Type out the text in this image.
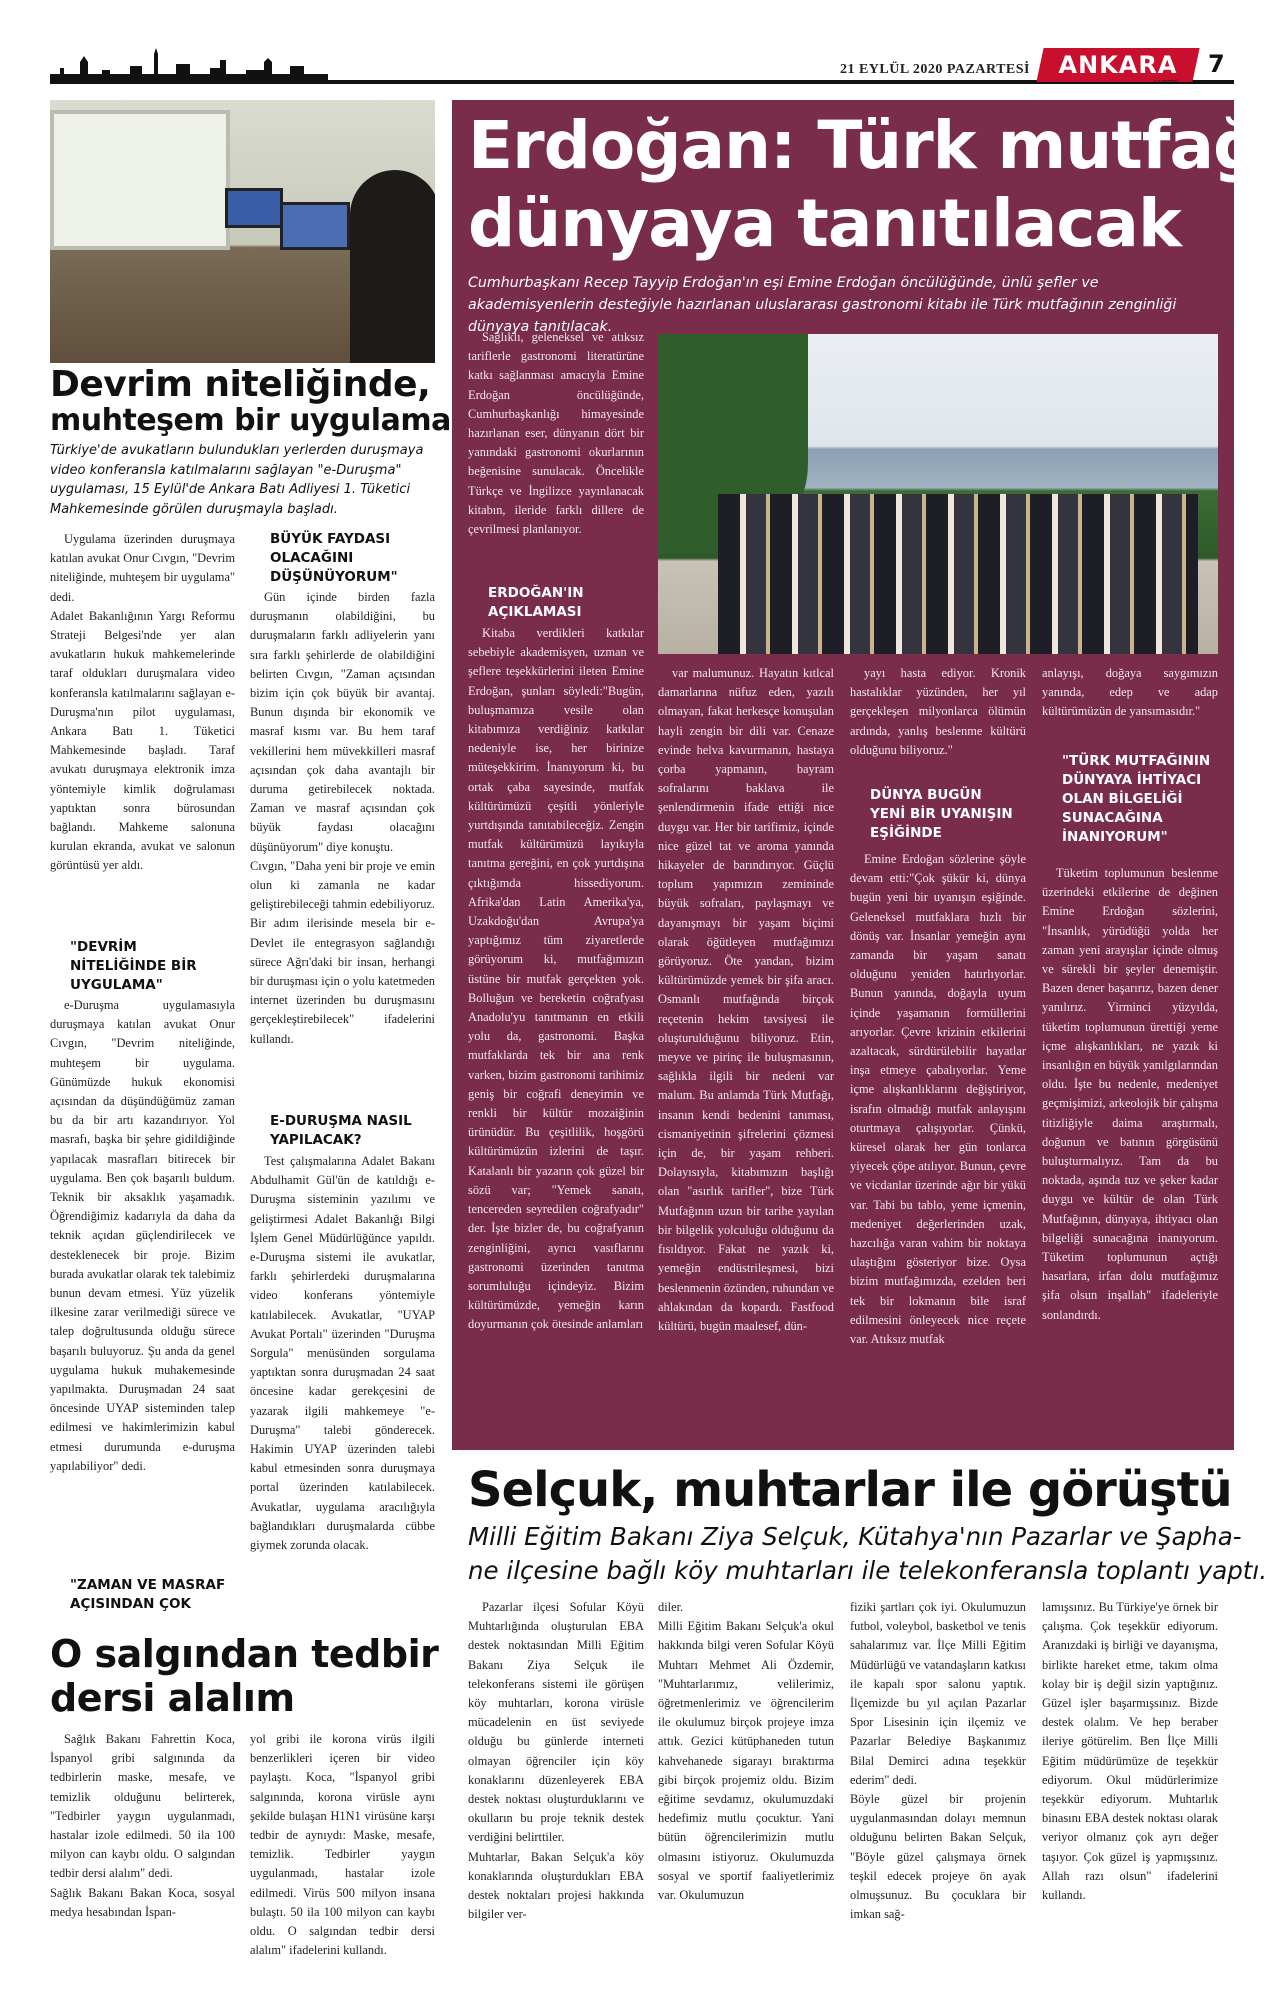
21 EYLÜL 2020 PAZARTESİ	ANKARA
GAZETESİ
7
Devrim niteliğinde,
muhteşem bir uygulama
Türkiye'de avukatların bulundukları yerlerden duruşmaya video konferansla katılmalarını sağlayan "e-Duruşma" uygulaması, 15 Eylül'de Ankara Batı Adliyesi 1. Tüketici Mahkemesinde görülen duruşmayla başladı.
Uygulama üzerinden duruşmaya katılan avukat Onur Cıvgın, "Devrim niteliğinde, muhteşem bir uygulama" dedi.
Adalet Bakanlığının Yargı Reformu Strateji Belgesi'nde yer alan avukatların hukuk mahkemelerinde taraf oldukları duruşmalara video konferansla katılmalarını sağlayan e-Duruşma'nın pilot uygulaması, Ankara Batı 1. Tüketici Mahkemesinde başladı. Taraf avukatı duruşmaya elektronik imza yöntemiyle kimlik doğrulaması yaptıktan sonra bürosundan bağlandı. Mahkeme salonuna kurulan ekranda, avukat ve salonun görüntüsü yer aldı.
"DEVRİM NİTELİĞİNDE BİR UYGULAMA"
e-Duruşma uygulamasıyla duruşmaya katılan avukat Onur Cıvgın, "Devrim niteliğinde, muhteşem bir uygulama. Günümüzde hukuk ekonomisi açısından da düşündüğümüz zaman bu da bir artı kazandırıyor. Yol masrafı, başka bir şehre gidildiğinde yapılacak masrafları bitirecek bir uygulama. Ben çok başarılı buldum. Teknik bir aksaklık yaşamadık. Öğrendiğimiz kadarıyla da daha da teknik açıdan güçlendirilecek ve desteklenecek bir proje. Bizim burada avukatlar olarak tek talebimiz bunun devam etmesi. Yüz yüzelik ilkesine zarar verilmediği sürece ve talep doğrultusunda olduğu sürece başarılı buluyoruz. Şu anda da genel uygulama hukuk muhakemesinde yapılmakta. Duruşmadan 24 saat öncesinde UYAP sisteminden talep edilmesi ve hakimlerimizin kabul etmesi durumunda e-duruşma yapılabiliyor" dedi.
"ZAMAN VE MASRAF AÇISINDAN ÇOK
BÜYÜK FAYDASI OLACAĞINI DÜŞÜNÜYORUM"
Gün içinde birden fazla duruşmanın olabildiğini, bu duruşmaların farklı adliyelerin yanı sıra farklı şehirlerde de olabildiğini belirten Cıvgın, "Zaman açısından bizim için çok büyük bir avantaj. Bunun dışında bir ekonomik ve masraf kısmı var. Bu hem taraf vekillerini hem müvekkilleri masraf açısından çok daha avantajlı bir duruma getirebilecek noktada. Zaman ve masraf açısından çok büyük faydası olacağını düşünüyorum" diye konuştu.
Cıvgın, "Daha yeni bir proje ve emin olun ki zamanla ne kadar geliştirebileceği tahmin edebiliyoruz. Bir adım ilerisinde mesela bir e-Devlet ile entegrasyon sağlandığı sürece Ağrı'daki bir insan, herhangi bir duruşması için o yolu katetmeden internet üzerinden bu duruşmasını gerçekleştirebilecek" ifadelerini kullandı.
E-DURUŞMA NASIL YAPILACAK?
Test çalışmalarına Adalet Bakanı Abdulhamit Gül'ün de katıldığı e-Duruşma sisteminin yazılımı ve geliştirmesi Adalet Bakanlığı Bilgi İşlem Genel Müdürlüğünce yapıldı. e-Duruşma sistemi ile avukatlar, farklı şehirlerdeki duruşmalarına video konferans yöntemiyle katılabilecek. Avukatlar, "UYAP Avukat Portalı" üzerinden "Duruşma Sorgula" menüsünden sorgulama yaptıktan sonra duruşmadan 24 saat öncesine kadar gerekçesini de yazarak ilgili mahkemeye "e-Duruşma" talebi gönderecek. Hakimin UYAP üzerinden talebi kabul etmesinden sonra duruşmaya portal üzerinden katılabilecek. Avukatlar, uygulama aracılığıyla bağlandıkları duruşmalarda cübbe giymek zorunda olacak.
O salgından tedbir
dersi alalım
Sağlık Bakanı Fahrettin Koca, İspanyol gribi salgınında da tedbirlerin maske, mesafe, ve temizlik olduğunu belirterek, "Tedbirler yaygın uygulanmadı, hastalar izole edilmedi. 50 ila 100 milyon can kaybı oldu. O salgından tedbir dersi alalım" dedi.
Sağlık Bakanı Bakan Koca, sosyal medya hesabından İspan-
yol gribi ile korona virüs ilgili benzerlikleri içeren bir video paylaştı. Koca, "İspanyol gribi salgınında, korona virüsle aynı şekilde bulaşan H1N1 virüsüne karşı tedbir de aynıydı: Maske, mesafe, temizlik. Tedbirler yaygın uygulanmadı, hastalar izole edilmedi. Virüs 500 milyon insana bulaştı. 50 ila 100 milyon can kaybı oldu. O salgından tedbir dersi alalım" ifadelerini kullandı.
Erdoğan: Türk mutfağı
dünyaya tanıtılacak
Cumhurbaşkanı Recep Tayyip Erdoğan'ın eşi Emine Erdoğan öncülüğünde, ünlü şefler ve akademisyenlerin desteğiyle hazırlanan uluslararası gastronomi kitabı ile Türk mutfağının zenginliği dünyaya tanıtılacak.
Sağlıklı, geleneksel ve atıksız tariflerle gastronomi literatürüne katkı sağlanması amacıyla Emine Erdoğan öncülüğünde, Cumhurbaşkanlığı himayesinde hazırlanan eser, dünyanın dört bir yanındaki gastronomi okurlarının beğenisine sunulacak. Öncelikle Türkçe ve İngilizce yayınlanacak kitabın, ileride farklı dillere de çevrilmesi planlanıyor.
ERDOĞAN'IN AÇIKLAMASI
Kitaba verdikleri katkılar sebebiyle akademisyen, uzman ve şeflere teşekkürlerini ileten Emine Erdoğan, şunları söyledi:"Bugün, buluşmamıza vesile olan kitabımıza verdiğiniz katkılar nedeniyle ise, her birinize müteşekkirim. İnanıyorum ki, bu ortak çaba sayesinde, mutfak kültürümüzü çeşitli yönleriyle yurtdışında tanıtabileceğiz. Zengin mutfak kültürümüzü layıkıyla tanıtma gereğini, en çok yurtdışına çıktığımda hissediyorum. Afrika'dan Latin Amerika'ya, Uzakdoğu'dan Avrupa'ya yaptığımız tüm ziyaretlerde görüyorum ki, mutfağımızın üstüne bir mutfak gerçekten yok. Bolluğun ve bereketin coğrafyası Anadolu'yu tanıtmanın en etkili yolu da, gastronomi. Başka mutfaklarda tek bir ana renk varken, bizim gastronomi tarihimiz geniş bir coğrafi deneyimin ve renkli bir kültür mozaiğinin ürünüdür. Bu çeşitlilik, hoşgörü kültürümüzün izlerini de taşır. Katalanlı bir yazarın çok güzel bir sözü var; "Yemek sanatı, tencereden seyredilen coğrafyadır" der. İşte bizler de, bu coğrafyanın zenginliğini, ayrıcı vasıflarını gastronomi üzerinden tanıtma sorumluluğu içindeyiz. Bizim kültürümüzde, yemeğin karın doyurmanın çok ötesinde anlamları
var malumunuz. Hayatın kıtlcal damarlarına nüfuz eden, yazılı olmayan, fakat herkesçe konuşulan hayli zengin bir dili var. Cenaze evinde helva kavurmanın, hastaya çorba yapmanın, bayram sofralarını baklava ile şenlendirmenin ifade ettiği nice duygu var. Her bir tarifimiz, içinde nice güzel tat ve aroma yanında hikayeler de barındırıyor. Güçlü toplum yapımızın zemininde büyük sofraları, paylaşmayı ve dayanışmayı bir yaşam biçimi olarak öğütleyen mutfağımızı görüyoruz. Öte yandan, bizim kültürümüzde yemek bir şifa aracı. Osmanlı mutfağında birçok reçetenin hekim tavsiyesi ile oluşturulduğunu biliyoruz. Etin, meyve ve pirinç ile buluşmasının, sağlıkla ilgili bir nedeni var malum. Bu anlamda Türk Mutfağı, insanın kendi bedenini tanıması, cismaniyetinin şifrelerini çözmesi için de, bir yaşam rehberi. Dolayısıyla, kitabımızın başlığı olan "asırlık tarifler", bize Türk Mutfağının uzun bir tarihe yayılan bir bilgelik yolculuğu olduğunu da fısıldıyor. Fakat ne yazık ki, yemeğin endüstrileşmesi, bizi beslenmenin özünden, ruhundan ve ahlakından da kopardı. Fastfood kültürü, bugün maalesef, dün-
yayı hasta ediyor. Kronik hastalıklar yüzünden, her yıl gerçekleşen milyonlarca ölümün ardında, yanlış beslenme kültürü olduğunu biliyoruz."
DÜNYA BUGÜN YENİ BİR UYANIŞIN EŞİĞİNDE
Emine Erdoğan sözlerine şöyle devam etti:"Çok şükür ki, dünya bugün yeni bir uyanışın eşiğinde. Geleneksel mutfaklara hızlı bir dönüş var. İnsanlar yemeğin aynı zamanda bir yaşam sanatı olduğunu yeniden hatırlıyorlar. Bunun yanında, doğayla uyum içinde yaşamanın formüllerini arıyorlar. Çevre krizinin etkilerini azaltacak, sürdürülebilir hayatlar inşa etmeye çabalıyorlar. Yeme içme alışkanlıklarını değiştiriyor, israfın olmadığı mutfak anlayışını oturtmaya çalışıyorlar. Çünkü, küresel olarak her gün tonlarca yiyecek çöpe atılıyor. Bunun, çevre ve vicdanlar üzerinde ağır bir yükü var. Tabi bu tablo, yeme içmenin, medeniyet değerlerinden uzak, hazcılığa varan vahim bir noktaya ulaştığını gösteriyor bize. Oysa bizim mutfağımızda, ezelden beri tek bir lokmanın bile israf edilmesini önleyecek nice reçete var. Atıksız mutfak
anlayışı, doğaya saygımızın yanında, edep ve adap kültürümüzün de yansımasıdır."
"TÜRK MUTFAĞININ DÜNYAYA İHTİYACI OLAN BİLGELİĞİ SUNACAĞINA İNANIYORUM"
Tüketim toplumunun beslenme üzerindeki etkilerine de değinen Emine Erdoğan sözlerini, "İnsanlık, yürüdüğü yolda her zaman yeni arayışlar içinde olmuş ve sürekli bir şeyler denemiştir. Bazen dener başarırız, bazen dener yanılırız. Yirminci yüzyılda, tüketim toplumunun ürettiği yeme içme alışkanlıkları, ne yazık ki insanlığın en büyük yanılgılarından oldu. İşte bu nedenle, medeniyet geçmişimizi, arkeolojik bir çalışma titizliğiyle daima araştırmalı, doğunun ve batının görgüsünü buluşturmalıyız. Tam da bu noktada, aşında tuz ve şeker kadar duygu ve kültür de olan Türk Mutfağının, dünyaya, ihtiyacı olan bilgeliği sunacağına inanıyorum. Tüketim toplumunun açtığı hasarlara, irfan dolu mutfağımız şifa olsun inşallah" ifadeleriyle sonlandırdı.
Selçuk, muhtarlar ile görüştü
Milli Eğitim Bakanı Ziya Selçuk, Kütahya'nın Pazarlar ve Şapha-
ne ilçesine bağlı köy muhtarları ile telekonferansla toplantı yaptı.
Pazarlar ilçesi Sofular Köyü Muhtarlığında oluşturulan EBA destek noktasından Milli Eğitim Bakanı Ziya Selçuk ile telekonferans sistemi ile görüşen köy muhtarları, korona virüsle mücadelenin en üst seviyede olduğu bu günlerde interneti olmayan öğrenciler için köy konaklarını düzenleyerek EBA destek noktası oluşturduklarını ve okulların bu proje teknik destek verdiğini belirttiler.
Muhtarlar, Bakan Selçuk'a köy konaklarında oluşturdukları EBA destek noktaları projesi hakkında bilgiler ver-
diler.
Milli Eğitim Bakanı Selçuk'a okul hakkında bilgi veren Sofular Köyü Muhtarı Mehmet Ali Özdemir, "Muhtarlarımız, velilerimiz, öğretmenlerimiz ve öğrencilerim ile okulumuz birçok projeye imza attık. Gezici kütüphaneden tutun kahvehanede sigarayı bıraktırma gibi birçok projemiz oldu. Bizim eğitime sevdamız, okulumuzdaki hedefimiz mutlu çocuktur. Yani bütün öğrencilerimizin mutlu olmasını istiyoruz. Okulumuzda sosyal ve sportif faaliyetlerimiz var. Okulumuzun
fiziki şartları çok iyi. Okulumuzun futbol, voleybol, basketbol ve tenis sahalarımız var. İlçe Milli Eğitim Müdürlüğü ve vatandaşların katkısı ile kapalı spor salonu yaptık. İlçemizde bu yıl açılan Pazarlar Spor Lisesinin için ilçemiz ve Pazarlar Belediye Başkanımız Bilal Demirci adına teşekkür ederim" dedi.
Böyle güzel bir projenin uygulanmasından dolayı memnun olduğunu belirten Bakan Selçuk, "Böyle güzel çalışmaya örnek teşkil edecek projeye ön ayak olmuşsunuz. Bu çocuklara bir imkan sağ-
lamışsınız. Bu Türkiye'ye örnek bir çalışma. Çok teşekkür ediyorum. Aranızdaki iş birliği ve dayanışma, birlikte hareket etme, takım olma kolay bir iş değil sizin yaptığınız. Güzel işler başarmışsınız. Bizde destek olalım. Ve hep beraber ileriye götürelim. Ben İlçe Milli Eğitim müdürümüze de teşekkür ediyorum. Okul müdürlerimize teşekkür ediyorum. Muhtarlık binasını EBA destek noktası olarak veriyor olmanız çok ayrı değer taşıyor. Çok güzel iş yapmışsınız. Allah razı olsun" ifadelerini kullandı.
